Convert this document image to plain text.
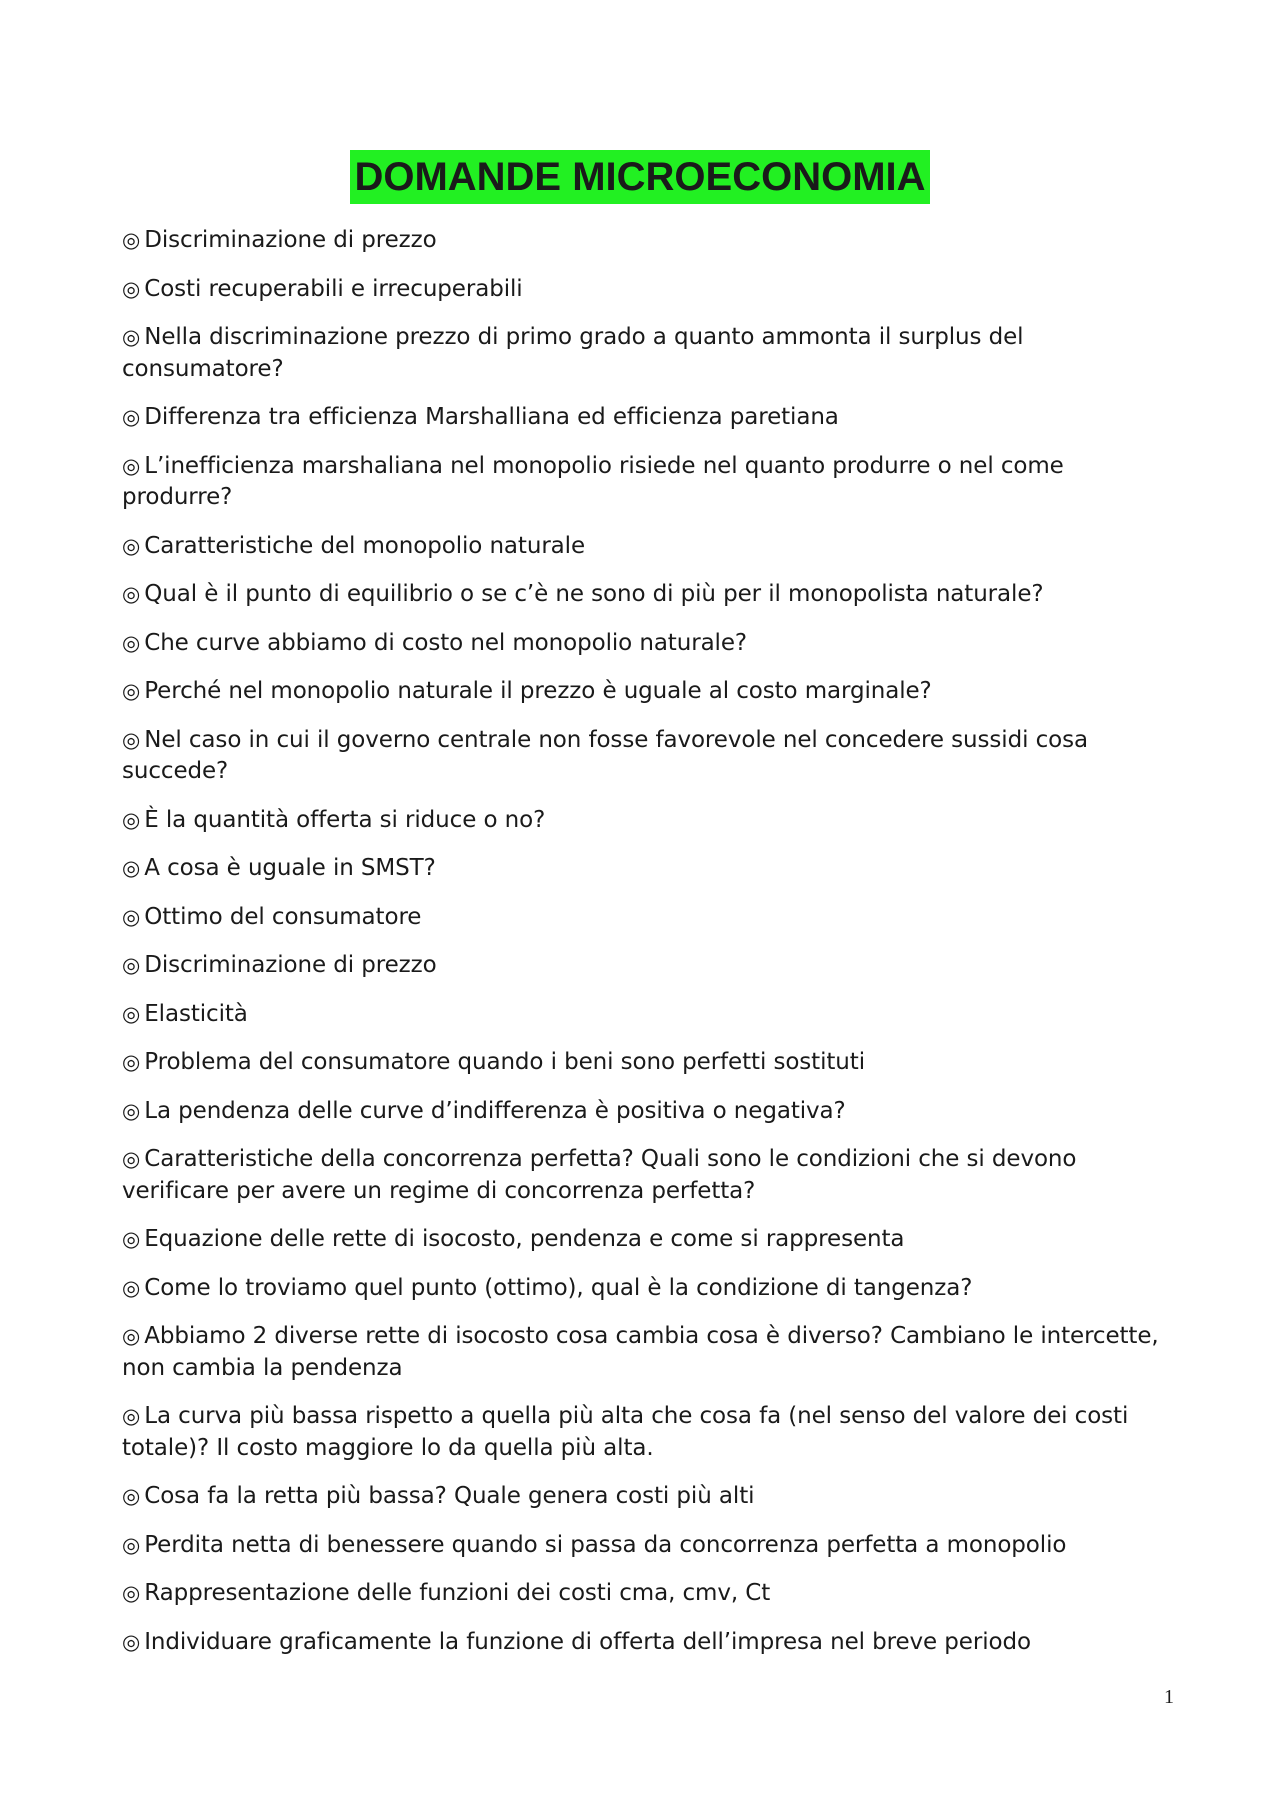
DOMANDE MICROECONOMIA
◎ Discriminazione di prezzo
◎ Costi recuperabili e irrecuperabili
◎ Nella discriminazione prezzo di primo grado a quanto ammonta il surplus del consumatore?
◎ Differenza tra efficienza Marshalliana ed efficienza paretiana
◎ L’inefficienza marshaliana nel monopolio risiede nel quanto produrre o nel come produrre?
◎ Caratteristiche del monopolio naturale
◎ Qual è il punto di equilibrio o se c’è ne sono di più per il monopolista naturale?
◎ Che curve abbiamo di costo nel monopolio naturale?
◎ Perché nel monopolio naturale il prezzo è uguale al costo marginale?
◎ Nel caso in cui il governo centrale non fosse favorevole nel concedere sussidi cosa succede?
◎ È la quantità offerta si riduce o no?
◎ A cosa è uguale in SMST?
◎ Ottimo del consumatore
◎ Discriminazione di prezzo
◎ Elasticità
◎ Problema del consumatore quando i beni sono perfetti sostituti
◎ La pendenza delle curve d’indifferenza è positiva o negativa?
◎ Caratteristiche della concorrenza perfetta? Quali sono le condizioni che si devono verificare per avere un regime di concorrenza perfetta?
◎ Equazione delle rette di isocosto, pendenza e come si rappresenta
◎ Come lo troviamo quel punto (ottimo), qual è la condizione di tangenza?
◎ Abbiamo 2 diverse rette di isocosto cosa cambia cosa è diverso? Cambiano le intercette, non cambia la pendenza
◎ La curva più bassa rispetto a quella più alta che cosa fa (nel senso del valore dei costi totale)? Il costo maggiore lo da quella più alta.
◎ Cosa fa la retta più bassa? Quale genera costi più alti
◎ Perdita netta di benessere quando si passa da concorrenza perfetta a monopolio
◎ Rappresentazione delle funzioni dei costi cma, cmv, Ct
◎ Individuare graficamente la funzione di offerta dell’impresa nel breve periodo
1
